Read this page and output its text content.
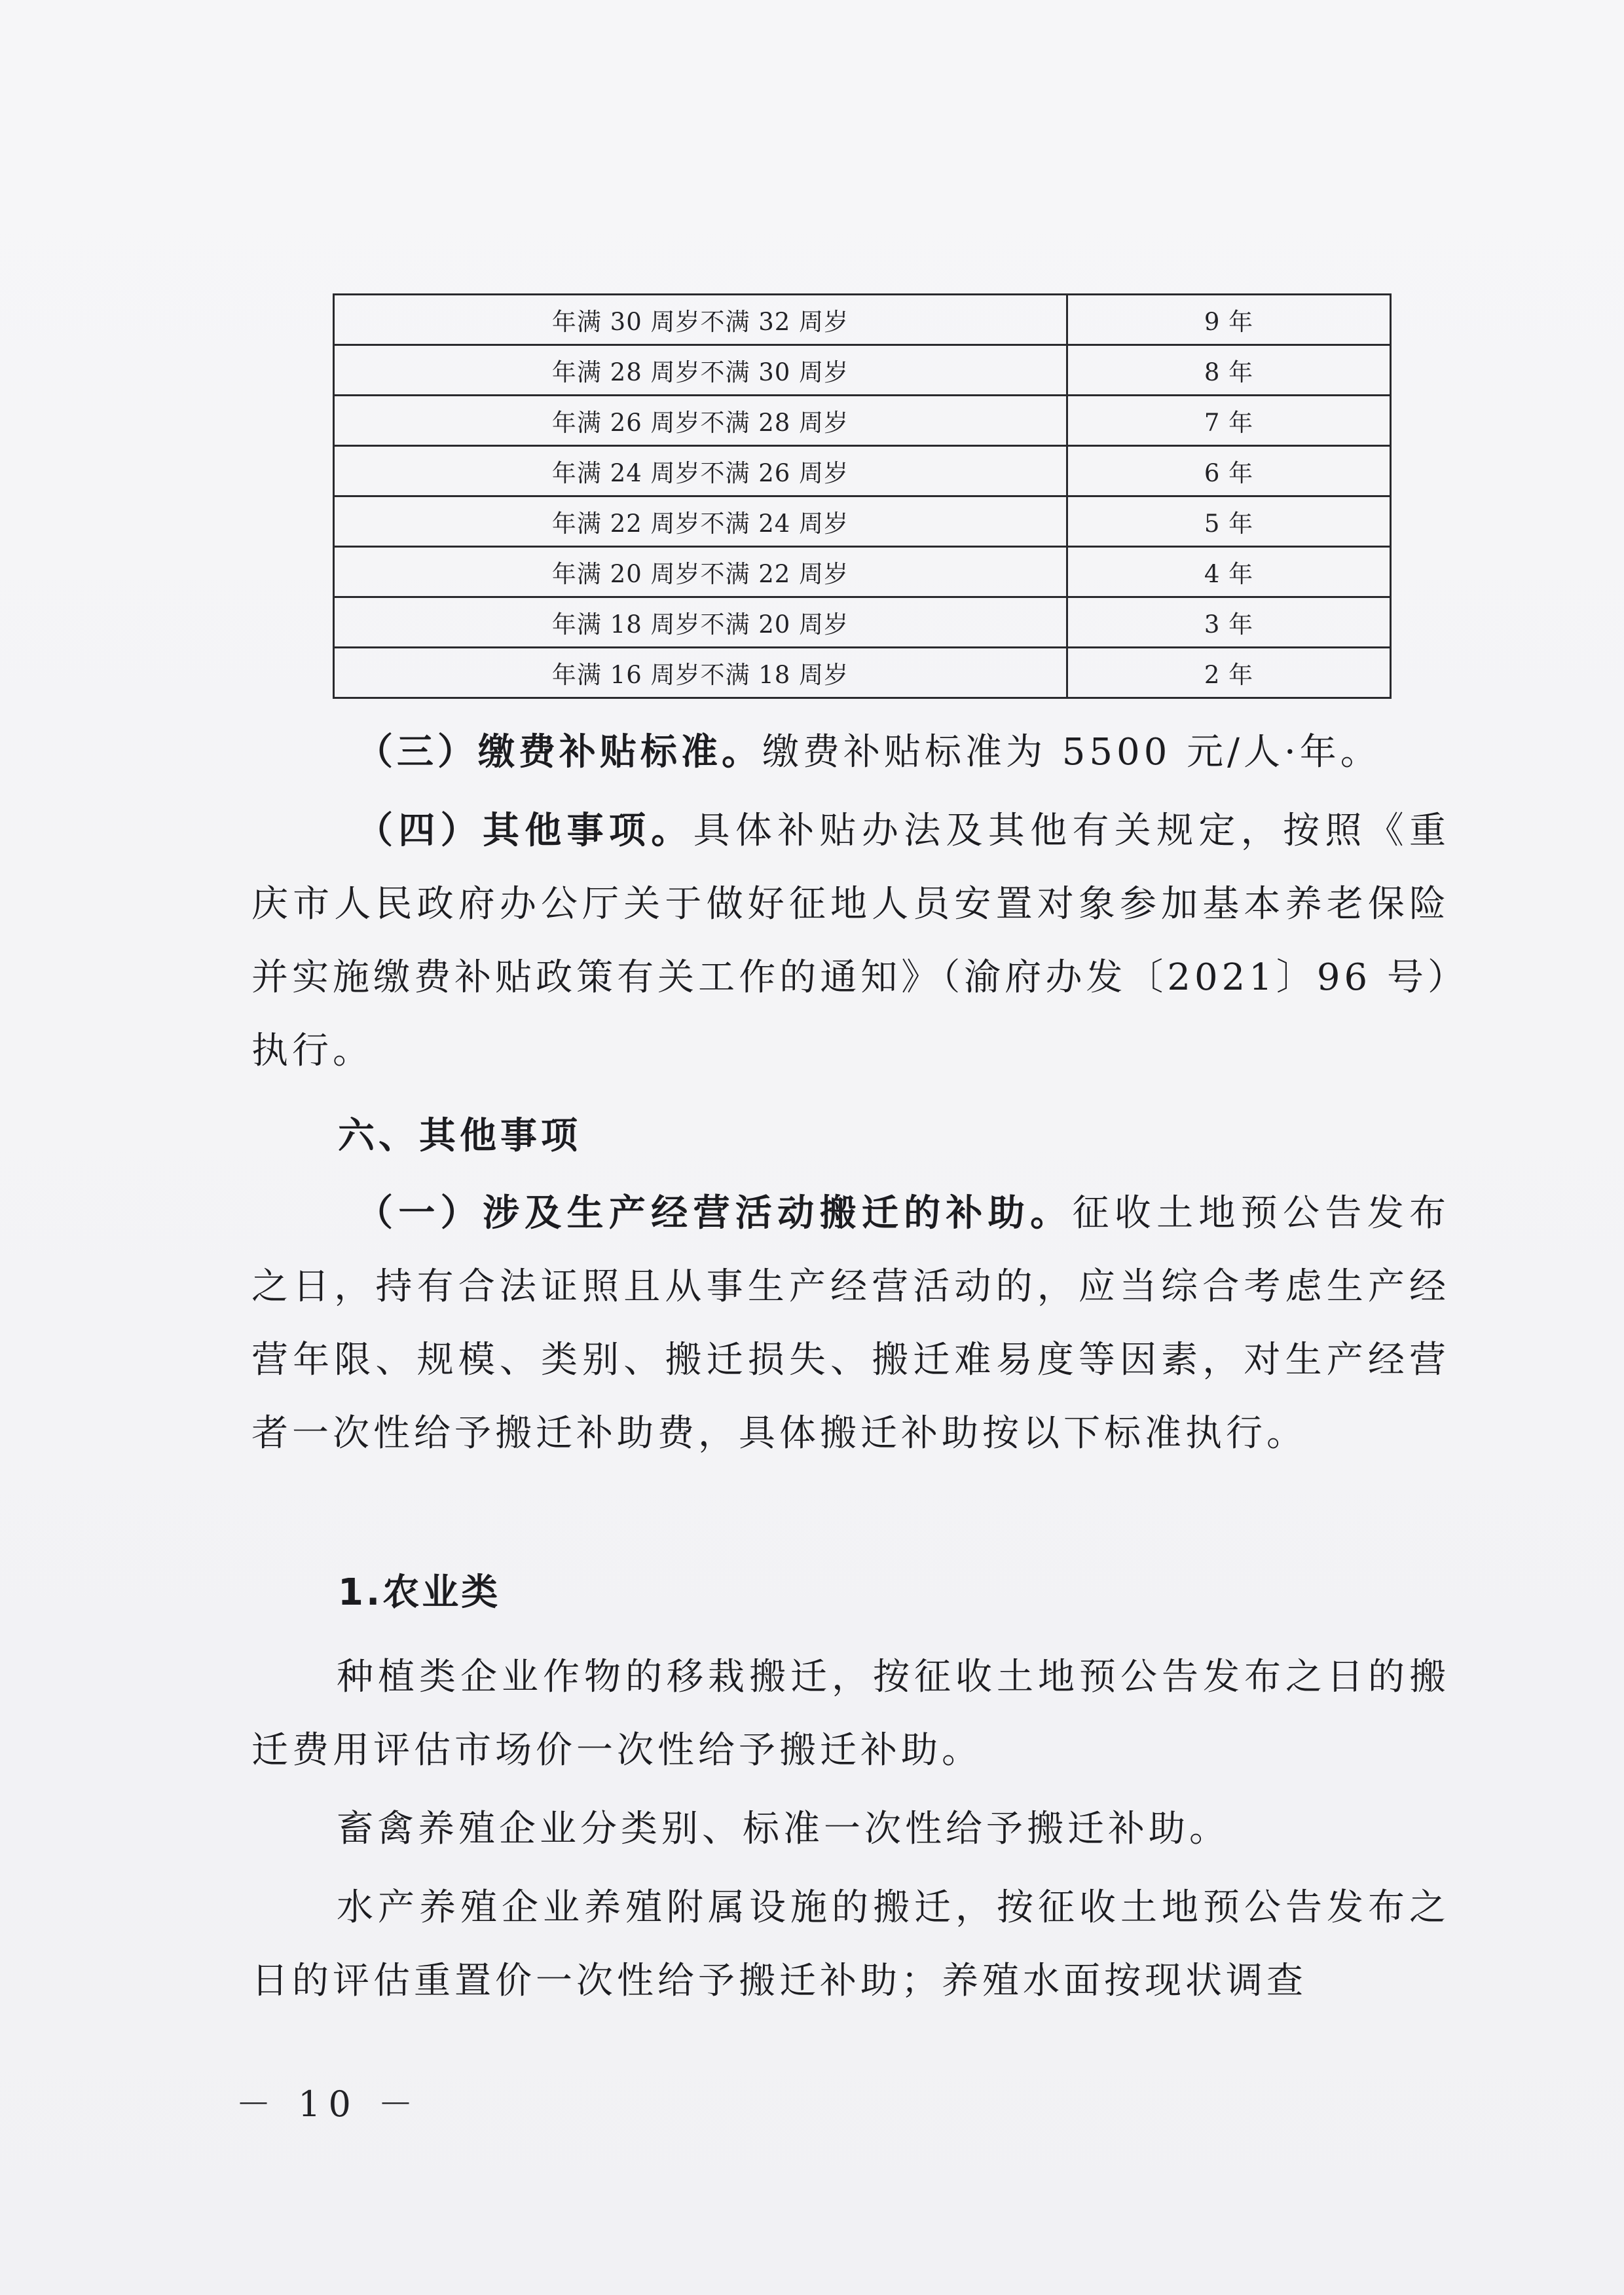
年满 30 周岁不满 32 周岁	9 年
年满 28 周岁不满 30 周岁	8 年
年满 26 周岁不满 28 周岁	7 年
年满 24 周岁不满 26 周岁	6 年
年满 22 周岁不满 24 周岁	5 年
年满 20 周岁不满 22 周岁	4 年
年满 18 周岁不满 20 周岁	3 年
年满 16 周岁不满 18 周岁	2 年

（三）缴费补贴标准。缴费补贴标准为 5500 元/人·年。

（四）其他事项。具体补贴办法及其他有关规定，按照《重庆市人民政府办公厅关于做好征地人员安置对象参加基本养老保险并实施缴费补贴政策有关工作的通知》（渝府办发〔2021〕96 号）执行。

六、其他事项

（一）涉及生产经营活动搬迁的补助。征收土地预公告发布之日，持有合法证照且从事生产经营活动的，应当综合考虑生产经营年限、规模、类别、搬迁损失、搬迁难易度等因素，对生产经营者一次性给予搬迁补助费，具体搬迁补助按以下标准执行。

1.农业类

种植类企业作物的移栽搬迁，按征收土地预公告发布之日的搬迁费用评估市场价一次性给予搬迁补助。

畜禽养殖企业分类别、标准一次性给予搬迁补助。

水产养殖企业养殖附属设施的搬迁，按征收土地预公告发布之日的评估重置价一次性给予搬迁补助；养殖水面按现状调查

－ 10 －
